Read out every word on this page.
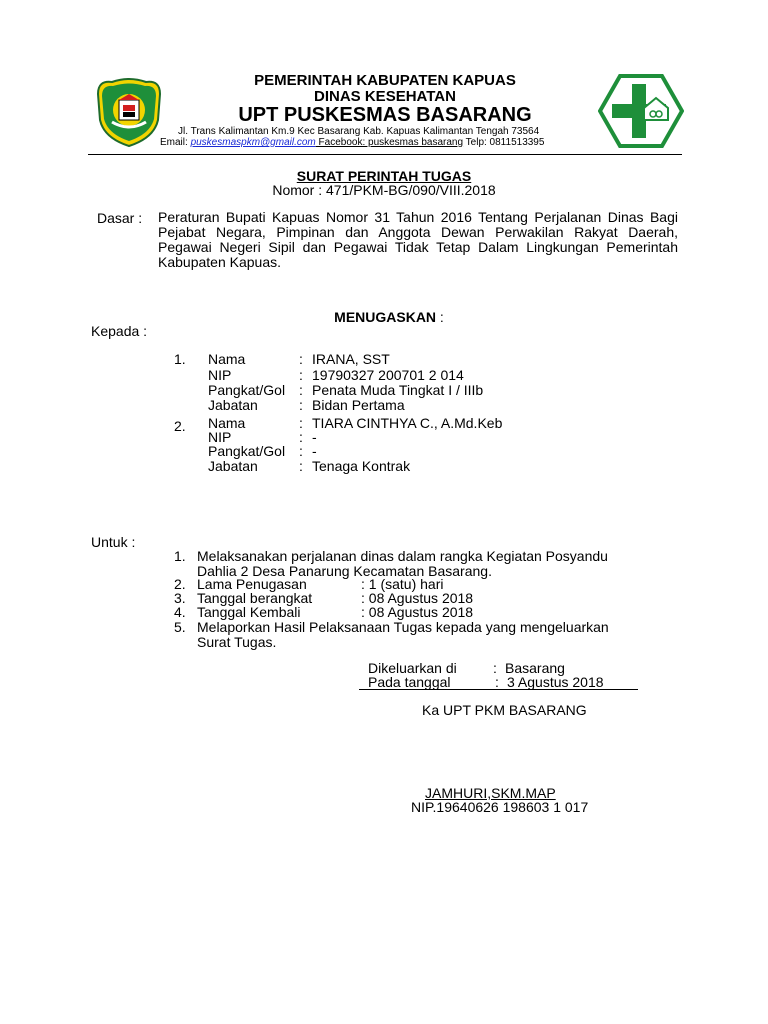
PEMERINTAH KABUPATEN KAPUAS
DINAS KESEHATAN
UPT PUSKESMAS BASARANG
Jl. Trans Kalimantan Km.9 Kec Basarang Kab. Kapuas Kalimantan Tengah 73564
Email: puskesmaspkm@gmail.com Facebook: puskesmas basarang Telp: 0811513395
SURAT PERINTAH TUGAS
Nomor : 471/PKM-BG/090/VIII.2018
Dasar : Peraturan Bupati Kapuas Nomor 31 Tahun 2016 Tentang Perjalanan Dinas Bagi Pejabat Negara, Pimpinan dan Anggota Dewan Perwakilan Rakyat Daerah, Pegawai Negeri Sipil dan Pegawai Tidak Tetap Dalam Lingkungan Pemerintah Kabupaten Kapuas.
MENUGASKAN :
Kepada :
1. Nama	: IRANA, SST
NIP	: 19790327 200701 2 014
Pangkat/Gol : Penata Muda Tingkat I / IIIb
Jabatan	: Bidan Pertama
2. Nama	: TIARA CINTHYA C., A.Md.Keb
NIP	: -
Pangkat/Gol : -
Jabatan	: Tenaga Kontrak
Untuk :
1. Melaksanakan perjalanan dinas dalam rangka Kegiatan Posyandu
Dahlia 2 Desa Panarung Kecamatan Basarang.
2. Lama Penugasan	: 1 (satu) hari
3. Tanggal berangkat	: 08 Agustus 2018
4. Tanggal Kembali	: 08 Agustus 2018
5. Melaporkan Hasil Pelaksanaan Tugas kepada yang mengeluarkan
Surat Tugas.
Dikeluarkan di	: Basarang
Pada tanggal	: 3 Agustus 2018
Ka UPT PKM BASARANG
JAMHURI,SKM.MAP
NIP.19640626 198603 1 017
